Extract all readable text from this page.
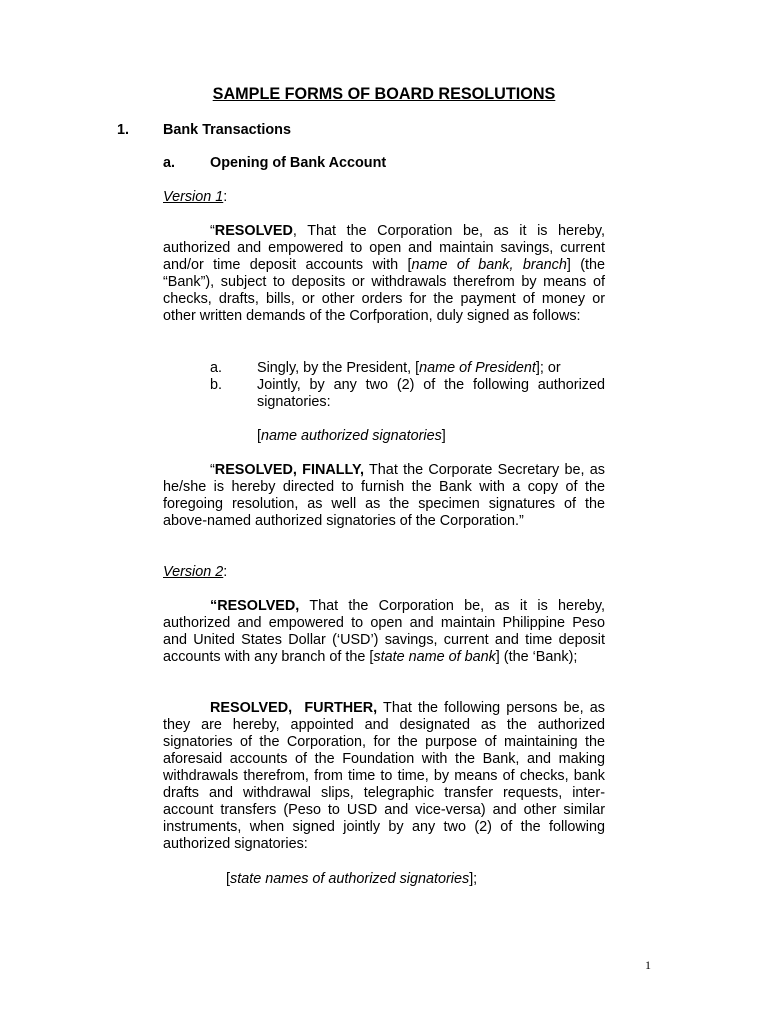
SAMPLE FORMS OF BOARD RESOLUTIONS
1. Bank Transactions
a. Opening of Bank Account
Version 1:
“RESOLVED, That the Corporation be, as it is hereby, authorized and empowered to open and maintain savings, current and/or time deposit accounts with [name of bank, branch] (the “Bank”), subject to deposits or withdrawals therefrom by means of checks, drafts, bills, or other orders for the payment of money or other written demands of the Corfporation, duly signed as follows:
a.	Singly, by the President, [name of President]; or
b.	Jointly, by any two (2) of the following authorized signatories:
[name authorized signatories]
“RESOLVED, FINALLY, That the Corporate Secretary be, as he/she is hereby directed to furnish the Bank with a copy of the foregoing resolution, as well as the specimen signatures of the above-named authorized signatories of the Corporation.”
Version 2:
“RESOLVED, That the Corporation be, as it is hereby, authorized and empowered to open and maintain Philippine Peso and United States Dollar (‘USD’) savings, current and time deposit accounts with any branch of the [state name of bank] (the ‘Bank);
RESOLVED,  FURTHER, That the following persons be, as they are hereby, appointed and designated as the authorized signatories of the Corporation, for the purpose of maintaining the aforesaid accounts of the Foundation with the Bank, and making withdrawals therefrom, from time to time, by means of checks, bank drafts and withdrawal slips, telegraphic transfer requests, inter-account transfers (Peso to USD and vice-versa) and other similar instruments, when signed jointly by any two (2) of the following authorized signatories:
[state names of authorized signatories];
1
